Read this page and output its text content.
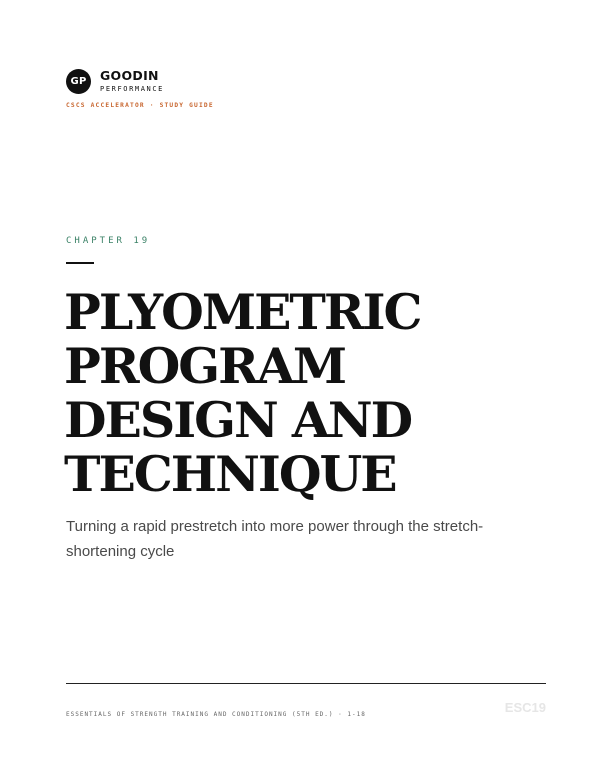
GP	GOODIN
PERFORMANCE
CSCS ACCELERATOR · STUDY GUIDE
CHAPTER 19
PLYOMETRIC
PROGRAM
DESIGN AND
TECHNIQUE

Turning a rapid prestretch into more power through the stretch-shortening cycle

ESSENTIALS OF STRENGTH TRAINING AND CONDITIONING (5TH ED.) · 1-18	ESC19
